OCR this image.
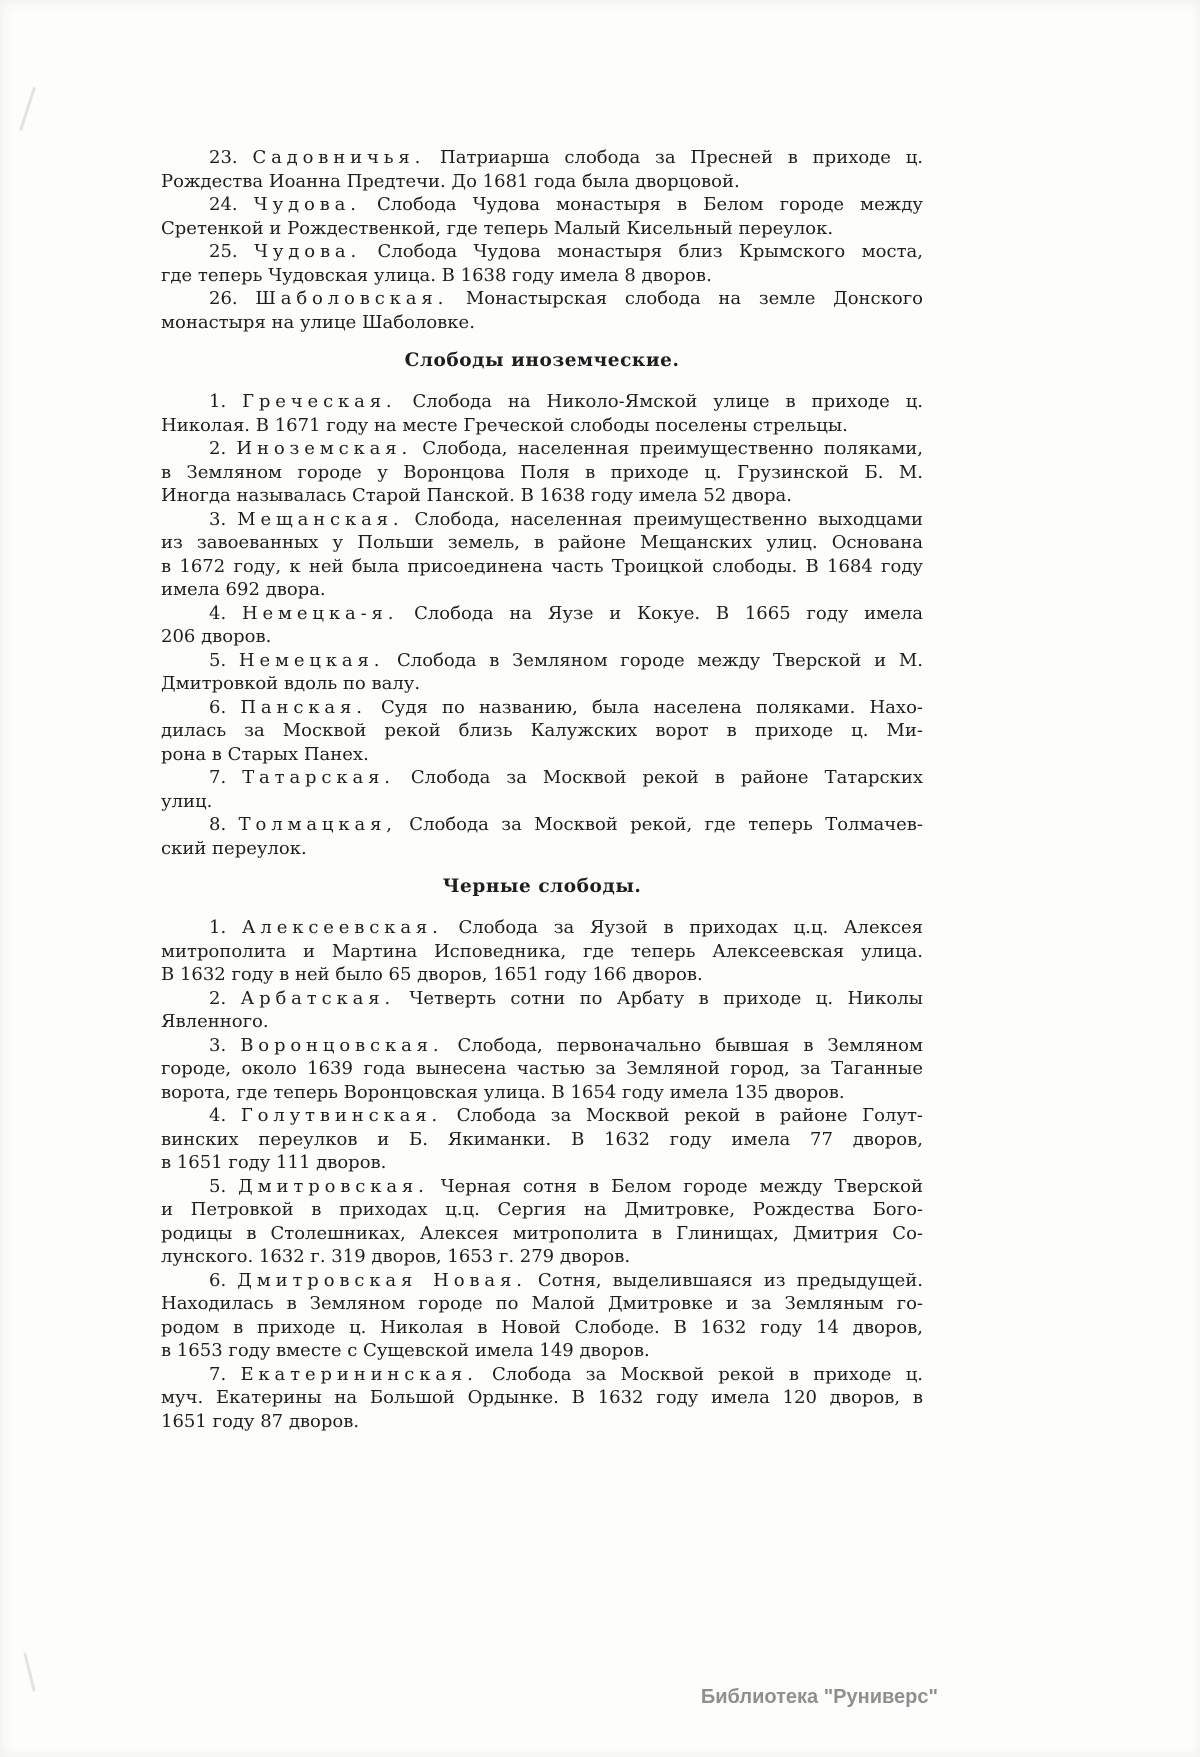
23. Садовничья. Патриарша слобода за Пресней в приходе ц.
Рождества Иоанна Предтечи. До 1681 года была дворцовой.
24. Чудова. Слобода Чудова монастыря в Белом городе между
Сретенкой и Рождественкой, где теперь Малый Кисельный переулок.
25. Чудова. Слобода Чудова монастыря близ Крымского моста,
где теперь Чудовская улица. В 1638 году имела 8 дворов.
26. Шаболовская. Монастырская слобода на земле Донского
монастыря на улице Шаболовке.
Слободы иноземческие.
1. Греческая. Слобода на Николо-Ямской улице в приходе ц.
Николая. В 1671 году на месте Греческой слободы поселены стрельцы.
2. Иноземская. Слобода, населенная преимущественно поляками,
в Земляном городе у Воронцова Поля в приходе ц. Грузинской Б. М.
Иногда называлась Старой Панской. В 1638 году имела 52 двора.
3. Мещанская. Слобода, населенная преимущественно выходцами
из завоеванных у Польши земель, в районе Мещанских улиц. Основана
в 1672 году, к ней была присоединена часть Троицкой слободы. В 1684 году
имела 692 двора.
4. Немецка-я. Слобода на Яузе и Кокуе. В 1665 году имела
206 дворов.
5. Немецкая. Слобода в Земляном городе между Тверской и М.
Дмитровкой вдоль по валу.
6. Панская. Судя по названию, была населена поляками. Нахо-
дилась за Москвой рекой близь Калужских ворот в приходе ц. Ми-
рона в Старых Панех.
7. Татарская. Слобода за Москвой рекой в районе Татарских
улиц.
8. Толмацкая, Слобода за Москвой рекой, где теперь Толмачев-
ский переулок.
Черные слободы.
1. Алексеевская. Слобода за Яузой в приходах ц.ц. Алексея
митрополита и Мартина Исповедника, где теперь Алексеевская улица.
В 1632 году в ней было 65 дворов, 1651 году 166 дворов.
2. Арбатская. Четверть сотни по Арбату в приходе ц. Николы
Явленного.
3. Воронцовская. Слобода, первоначально бывшая в Земляном
городе, около 1639 года вынесена частью за Земляной город, за Таганные
ворота, где теперь Воронцовская улица. В 1654 году имела 135 дворов.
4. Голутвинская. Слобода за Москвой рекой в районе Голут-
винских переулков и Б. Якиманки. В 1632 году имела 77 дворов,
в 1651 году 111 дворов.
5. Дмитровская. Черная сотня в Белом городе между Тверской
и Петровкой в приходах ц.ц. Сергия на Дмитровке, Рождества Бого-
родицы в Столешниках, Алексея митрополита в Глинищах, Дмитрия Со-
лунского. 1632 г. 319 дворов, 1653 г. 279 дворов.
6. Дмитровская Новая. Сотня, выделившаяся из предыдущей.
Находилась в Земляном городе по Малой Дмитровке и за Земляным го-
родом в приходе ц. Николая в Новой Слободе. В 1632 году 14 дворов,
в 1653 году вместе с Сущевской имела 149 дворов.
7. Екатерининская. Слобода за Москвой рекой в приходе ц.
муч. Екатерины на Большой Ордынке. В 1632 году имела 120 дворов, в
1651 году 87 дворов.
Библиотека "Руниверс"
